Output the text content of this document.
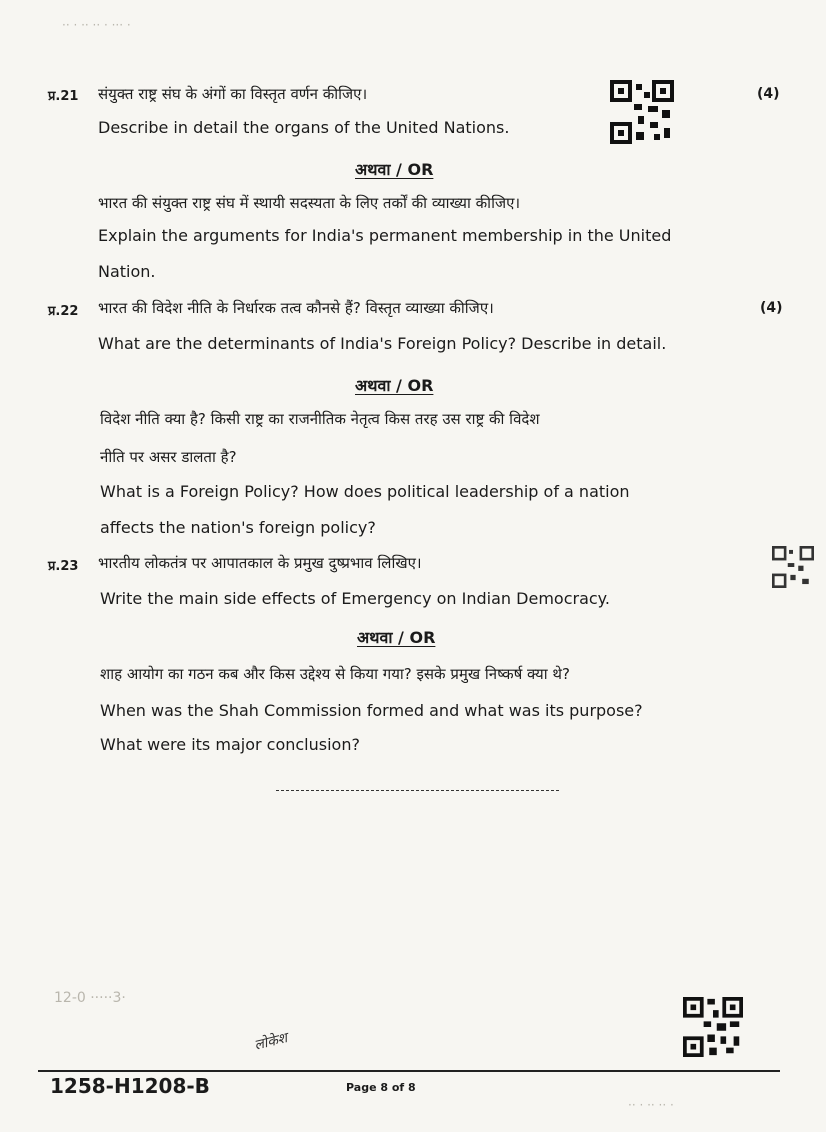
·· · ·· ·· · ··· ·
प्र.21 संयुक्त राष्ट्र संघ के अंगों का विस्तृत वर्णन कीजिए।	(4)
Describe in detail the organs of the United Nations.
अथवा / OR
भारत की संयुक्त राष्ट्र संघ में स्थायी सदस्यता के लिए तर्कों की व्याख्या कीजिए।
Explain the arguments for India's permanent membership in the United
Nation.
प्र.22 भारत की विदेश नीति के निर्धारक तत्व कौनसे हैं? विस्तृत व्याख्या कीजिए।	(4)
What are the determinants of India's Foreign Policy? Describe in detail.
अथवा / OR
विदेश नीति क्या है? किसी राष्ट्र का राजनीतिक नेतृत्व किस तरह उस राष्ट्र की विदेश
नीति पर असर डालता है?
What is a Foreign Policy? How does political leadership of a nation
affects the nation's foreign policy?
प्र.23 भारतीय लोकतंत्र पर आपातकाल के प्रमुख दुष्प्रभाव लिखिए।
Write the main side effects of Emergency on Indian Democracy.
अथवा / OR
शाह आयोग का गठन कब और किस उद्देश्य से किया गया? इसके प्रमुख निष्कर्ष क्या थे?
When was the Shah Commission formed and what was its purpose?
What were its major conclusion?
12-0 ·····3·
लोकेश
1258-H1208-B	Page 8 of 8
·· · ·· ·· ·
